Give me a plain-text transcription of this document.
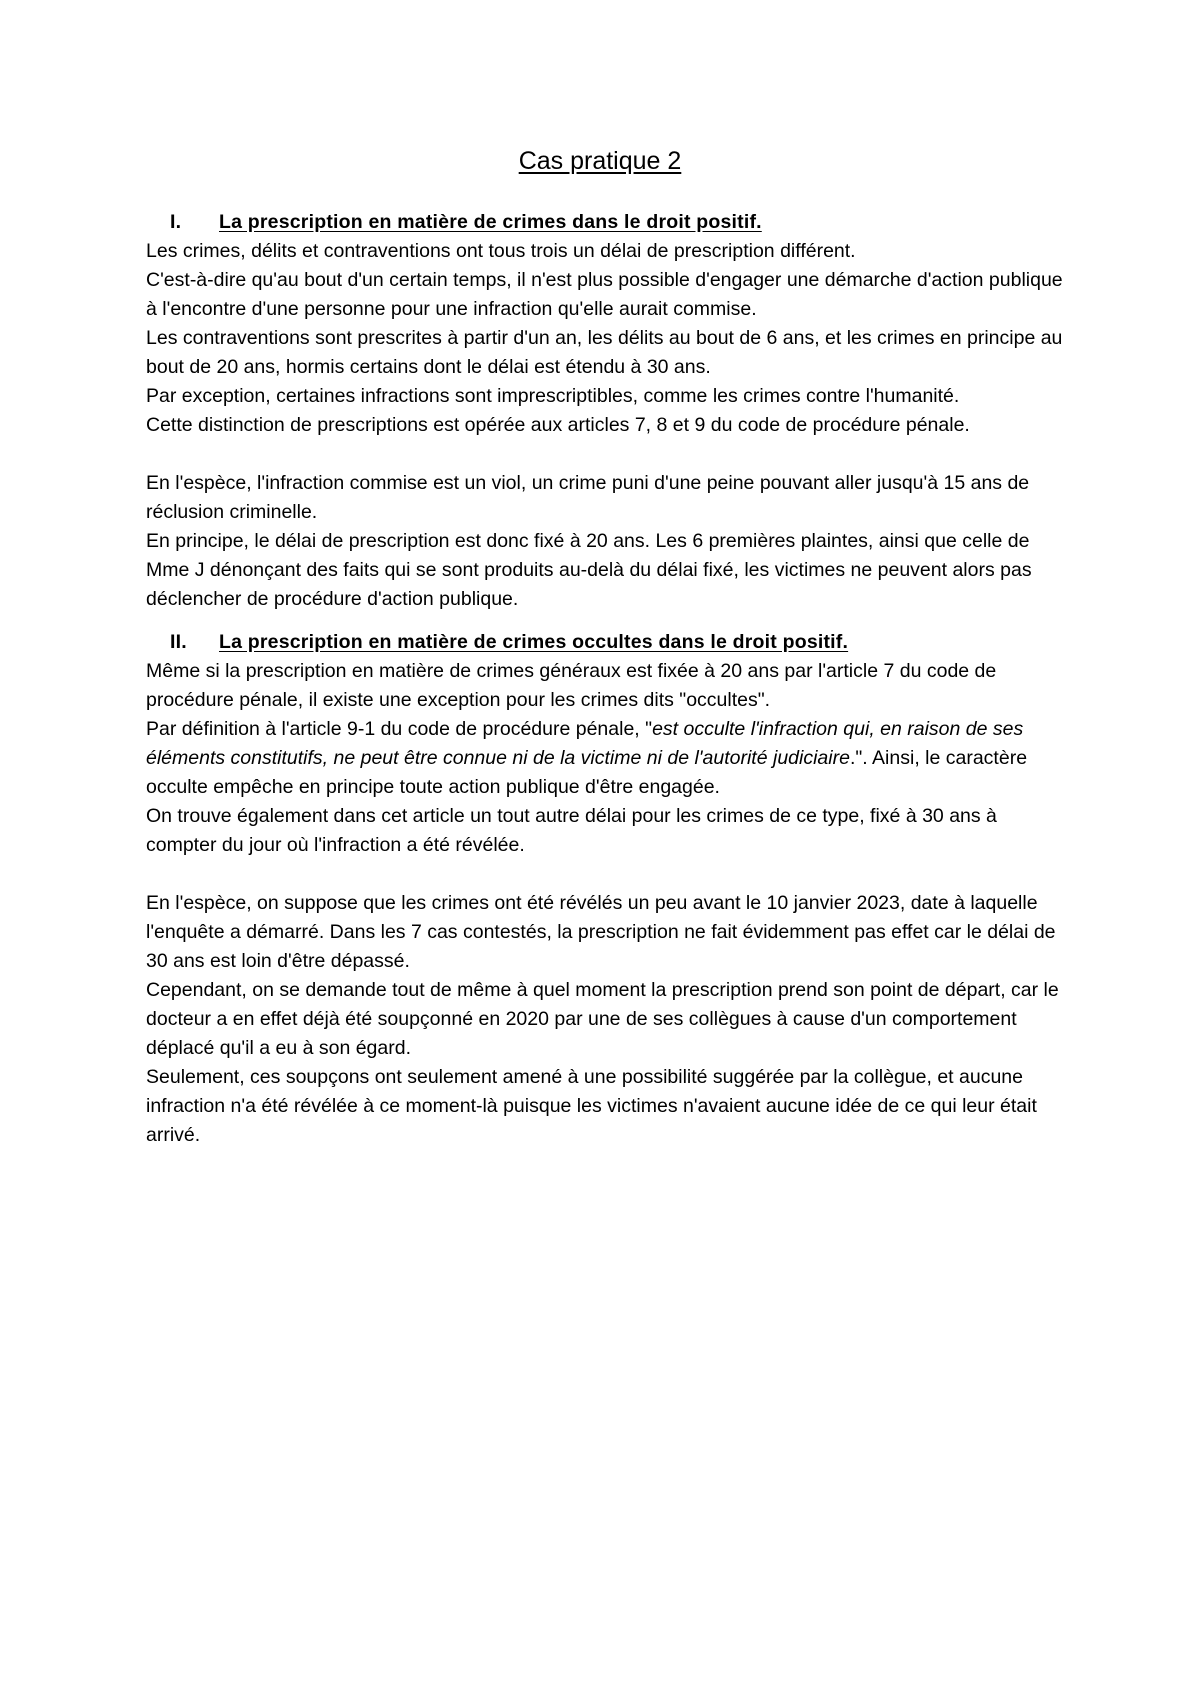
Cas pratique 2
I. La prescription en matière de crimes dans le droit positif.

Les crimes, délits et contraventions ont tous trois un délai de prescription différent.

C'est-à-dire qu'au bout d'un certain temps, il n'est plus possible d'engager une démarche d'action publique à l'encontre d'une personne pour une infraction qu'elle aurait commise.

Les contraventions sont prescrites à partir d'un an, les délits au bout de 6 ans, et les crimes en principe au bout de 20 ans, hormis certains dont le délai est étendu à 30 ans.

Par exception, certaines infractions sont imprescriptibles, comme les crimes contre l'humanité.

Cette distinction de prescriptions est opérée aux articles 7, 8 et 9 du code de procédure pénale.

En l'espèce, l'infraction commise est un viol, un crime puni d'une peine pouvant aller jusqu'à 15 ans de réclusion criminelle.

En principe, le délai de prescription est donc fixé à 20 ans. Les 6 premières plaintes, ainsi que celle de Mme J dénonçant des faits qui se sont produits au-delà du délai fixé, les victimes ne peuvent alors pas déclencher de procédure d'action publique.

II. La prescription en matière de crimes occultes dans le droit positif.

Même si la prescription en matière de crimes généraux est fixée à 20 ans par l'article 7 du code de procédure pénale, il existe une exception pour les crimes dits "occultes".

Par définition à l'article 9-1 du code de procédure pénale, "est occulte l'infraction qui, en raison de ses éléments constitutifs, ne peut être connue ni de la victime ni de l'autorité judiciaire.". Ainsi, le caractère occulte empêche en principe toute action publique d'être engagée.

On trouve également dans cet article un tout autre délai pour les crimes de ce type, fixé à 30 ans à compter du jour où l'infraction a été révélée.

En l'espèce, on suppose que les crimes ont été révélés un peu avant le 10 janvier 2023, date à laquelle l'enquête a démarré. Dans les 7 cas contestés, la prescription ne fait évidemment pas effet car le délai de 30 ans est loin d'être dépassé.

Cependant, on se demande tout de même à quel moment la prescription prend son point de départ, car le docteur a en effet déjà été soupçonné en 2020 par une de ses collègues à cause d'un comportement déplacé qu'il a eu à son égard.

Seulement, ces soupçons ont seulement amené à une possibilité suggérée par la collègue, et aucune infraction n'a été révélée à ce moment-là puisque les victimes n'avaient aucune idée de ce qui leur était arrivé.
